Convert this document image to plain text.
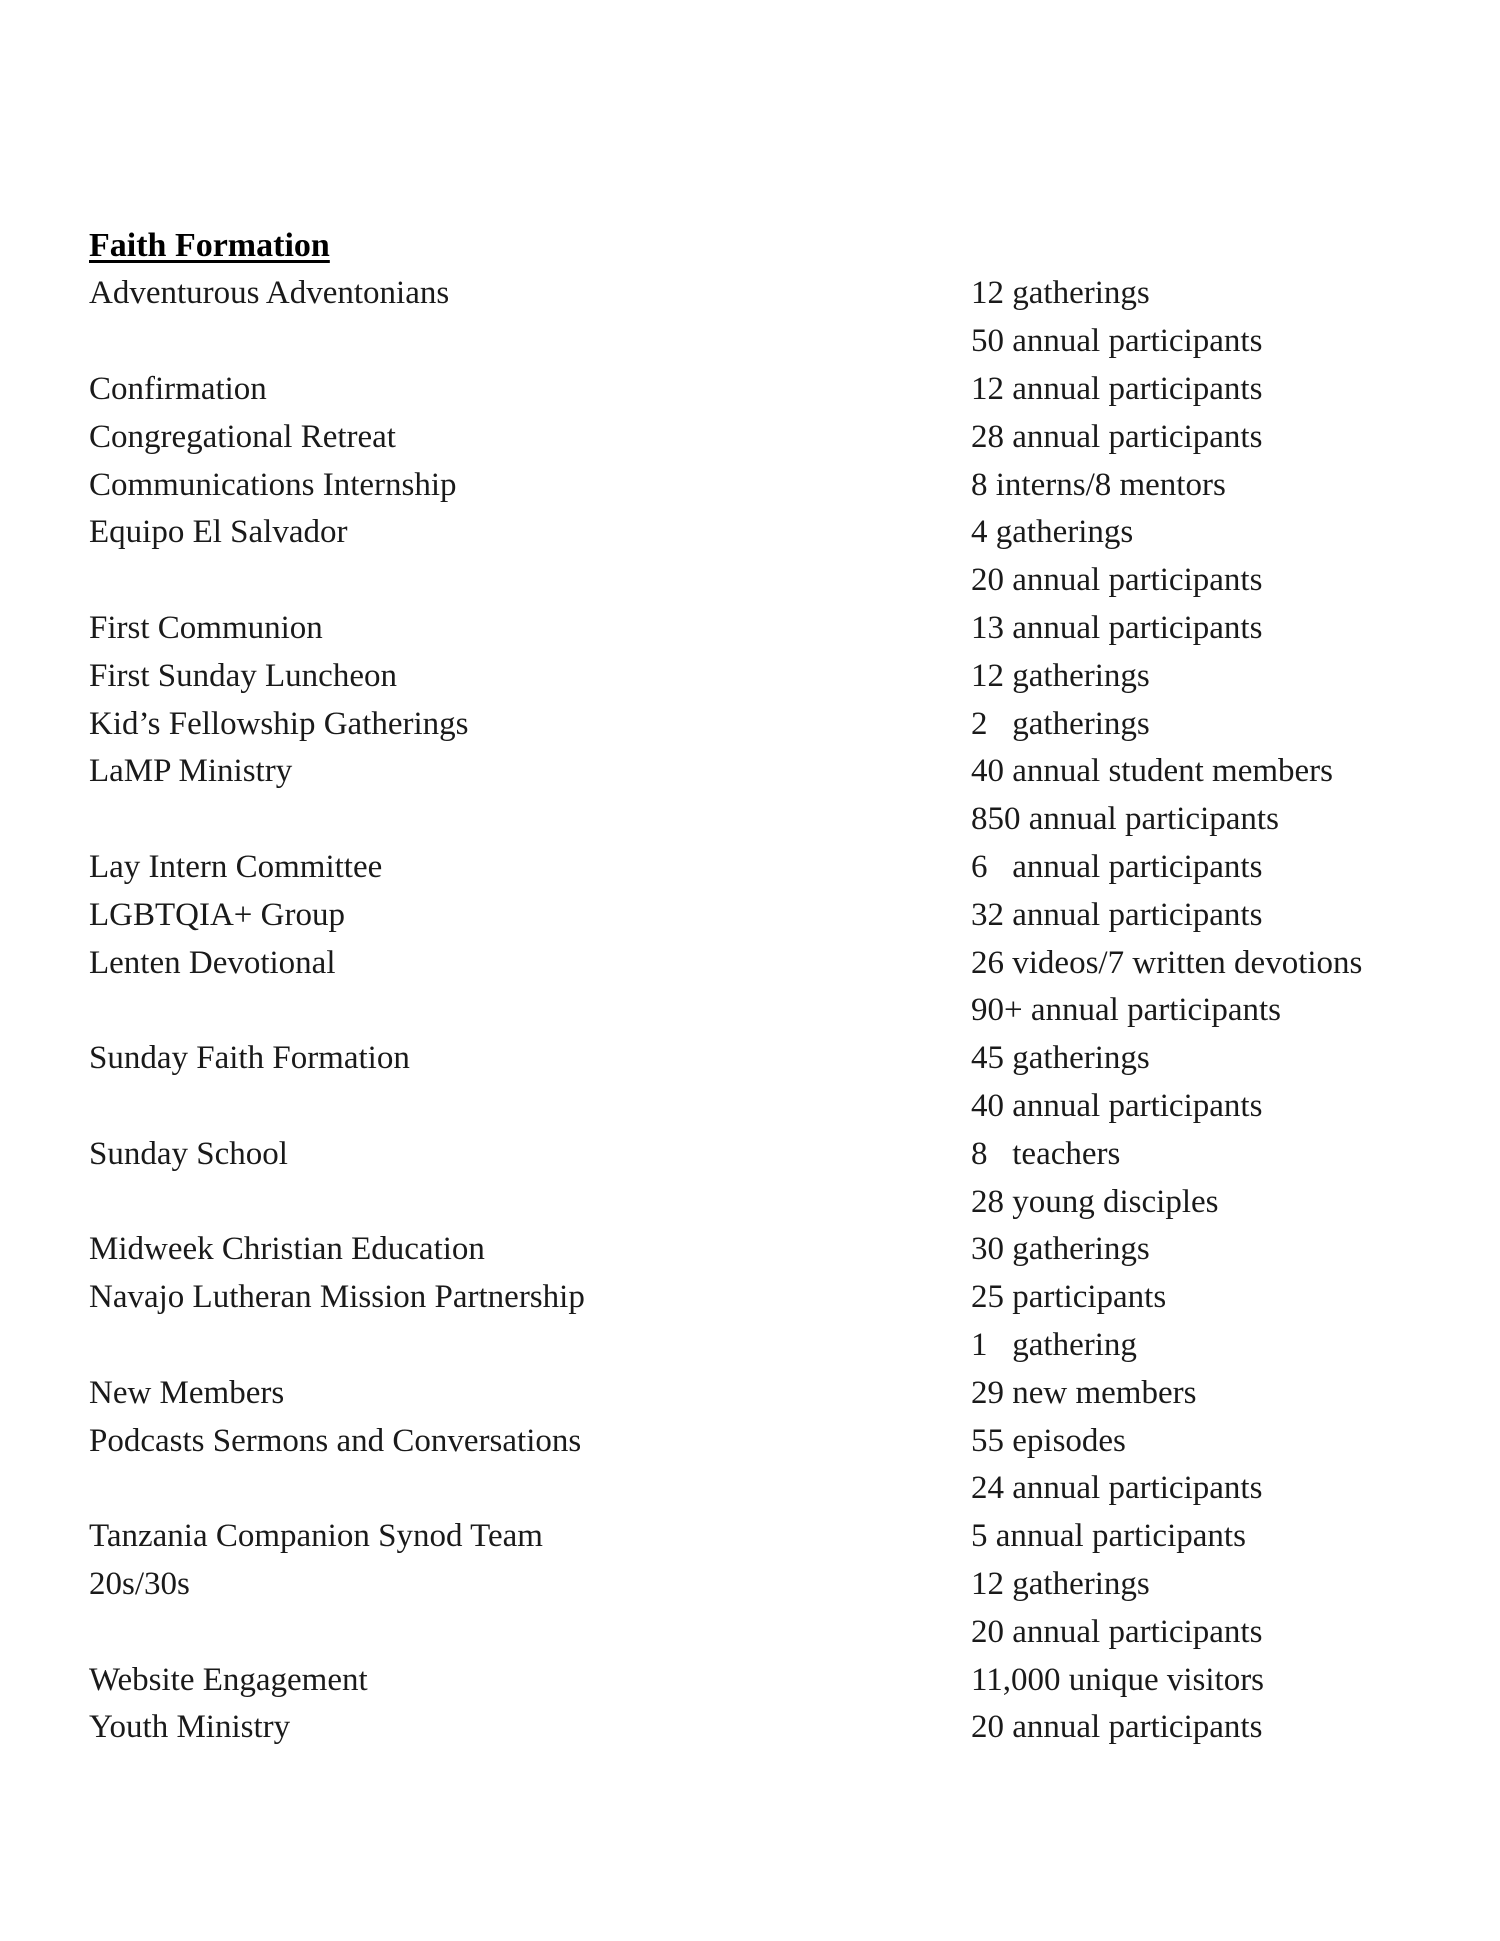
Faith Formation
Adventurous Adventonians	12 gatherings
50 annual participants
Confirmation	12 annual participants
Congregational Retreat	28 annual participants
Communications Internship	8 interns/8 mentors
Equipo El Salvador	4 gatherings
20 annual participants
First Communion	13 annual participants
First Sunday Luncheon	12 gatherings
Kid’s Fellowship Gatherings	2   gatherings
LaMP Ministry	40 annual student members
850 annual participants
Lay Intern Committee	6   annual participants
LGBTQIA+ Group	32 annual participants
Lenten Devotional	26 videos/7 written devotions
90+ annual participants
Sunday Faith Formation	45 gatherings
40 annual participants
Sunday School	8   teachers
28 young disciples
Midweek Christian Education	30 gatherings
Navajo Lutheran Mission Partnership	25 participants
1   gathering
New Members	29 new members
Podcasts Sermons and Conversations	55 episodes
24 annual participants
Tanzania Companion Synod Team	5 annual participants
20s/30s	12 gatherings
20 annual participants
Website Engagement	11,000 unique visitors
Youth Ministry	20 annual participants
